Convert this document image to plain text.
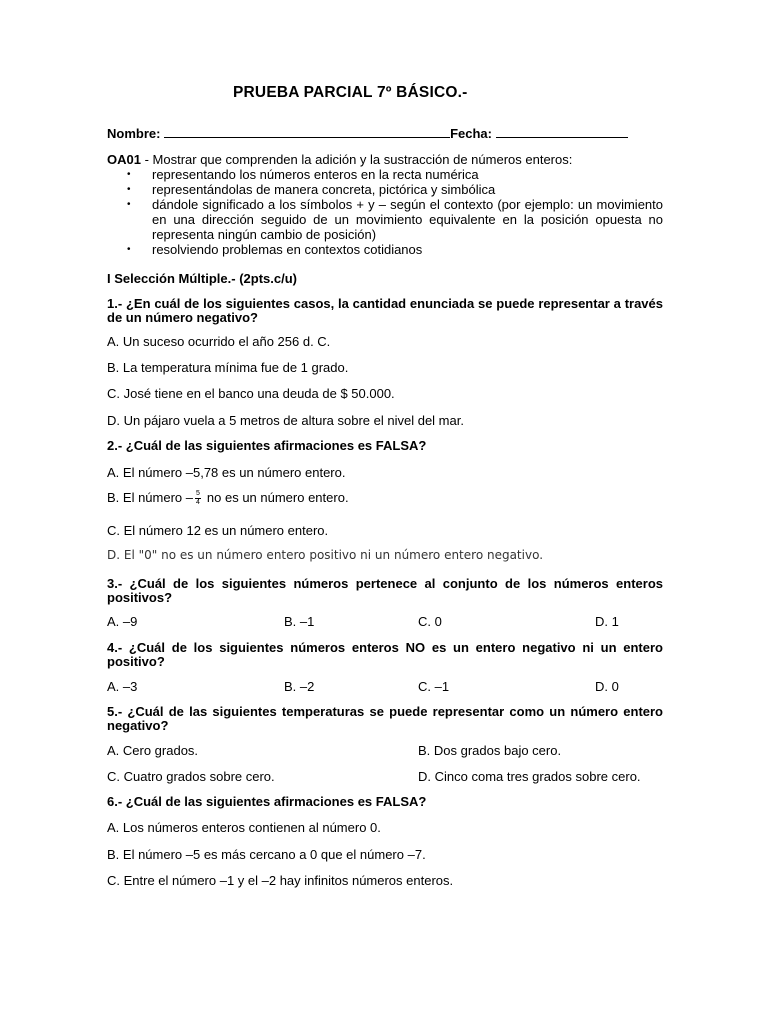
PRUEBA PARCIAL 7º BÁSICO.-
Nombre:	Fecha:
OA01 - Mostrar que comprenden la adición y la sustracción de números enteros:
• representando los números enteros en la recta numérica
• representándolas de manera concreta, pictórica y simbólica
• dándole significado a los símbolos + y – según el contexto (por ejemplo: un movimiento en una dirección seguido de un movimiento equivalente en la posición opuesta no representa ningún cambio de posición)
• resolviendo problemas en contextos cotidianos
I Selección Múltiple.- (2pts.c/u)
1.- ¿En cuál de los siguientes casos, la cantidad enunciada se puede representar a través de un número negativo?
A. Un suceso ocurrido el año 256 d. C.
B. La temperatura mínima fue de 1 grado.
C. José tiene en el banco una deuda de $ 50.000.
D. Un pájaro vuela a 5 metros de altura sobre el nivel del mar.
2.- ¿Cuál de las siguientes afirmaciones es FALSA?
A. El número –5,78 es un número entero.
B. El número – $\frac{5}{4}$ no es un número entero.
C. El número 12 es un número entero.
D. El "0" no es un número entero positivo ni un número entero negativo.
3.- ¿Cuál de los siguientes números pertenece al conjunto de los números enteros positivos?
A. –9	B. –1	C. 0	D. 1
4.- ¿Cuál de los siguientes números enteros NO es un entero negativo ni un entero positivo?
A. –3	B. –2	C. –1	D. 0
5.- ¿Cuál de las siguientes temperaturas se puede representar como un número entero negativo?
A. Cero grados.	B. Dos grados bajo cero.
C. Cuatro grados sobre cero.	D. Cinco coma tres grados sobre cero.
6.- ¿Cuál de las siguientes afirmaciones es FALSA?
A. Los números enteros contienen al número 0.
B. El número –5 es más cercano a 0 que el número –7.
C. Entre el número –1 y el –2 hay infinitos números enteros.
